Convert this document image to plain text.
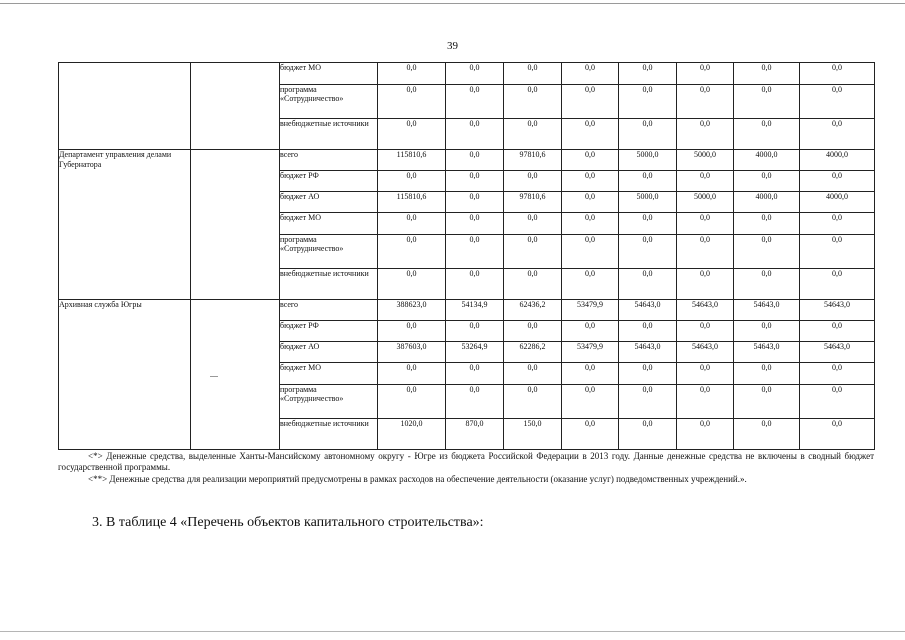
39
		бюджет МО	0,0	0,0	0,0	0,0	0,0	0,0	0,0	0,0
		программа «Сотрудничество»	0,0	0,0	0,0	0,0	0,0	0,0	0,0	0,0
		внебюджетные источники	0,0	0,0	0,0	0,0	0,0	0,0	0,0	0,0
Департамент управления делами Губернатора		всего	115810,6	0,0	97810,6	0,0	5000,0	5000,0	4000,0	4000,0
		бюджет РФ	0,0	0,0	0,0	0,0	0,0	0,0	0,0	0,0
		бюджет АО	115810,6	0,0	97810,6	0,0	5000,0	5000,0	4000,0	4000,0
		бюджет МО	0,0	0,0	0,0	0,0	0,0	0,0	0,0	0,0
		программа «Сотрудничество»	0,0	0,0	0,0	0,0	0,0	0,0	0,0	0,0
		внебюджетные источники	0,0	0,0	0,0	0,0	0,0	0,0	0,0	0,0
Архивная служба Югры		всего	388623,0	54134,9	62436,2	53479,9	54643,0	54643,0	54643,0	54643,0
		бюджет РФ	0,0	0,0	0,0	0,0	0,0	0,0	0,0	0,0
		бюджет АО	387603,0	53264,9	62286,2	53479,9	54643,0	54643,0	54643,0	54643,0
		бюджет МО	0,0	0,0	0,0	0,0	0,0	0,0	0,0	0,0
		программа «Сотрудничество»	0,0	0,0	0,0	0,0	0,0	0,0	0,0	0,0
		внебюджетные источники	1020,0	870,0	150,0	0,0	0,0	0,0	0,0	0,0

<*> Денежные средства, выделенные Ханты-Мансийскому автономному округу - Югре из бюджета Российской Федерации в 2013 году. Данные денежные средства не включены в сводный бюджет государственной программы.

<**> Денежные средства для реализации мероприятий предусмотрены в рамках расходов на обеспечение деятельности (оказание услуг) подведомственных учреждений.».

3. В таблице 4 «Перечень объектов капитального строительства»:
